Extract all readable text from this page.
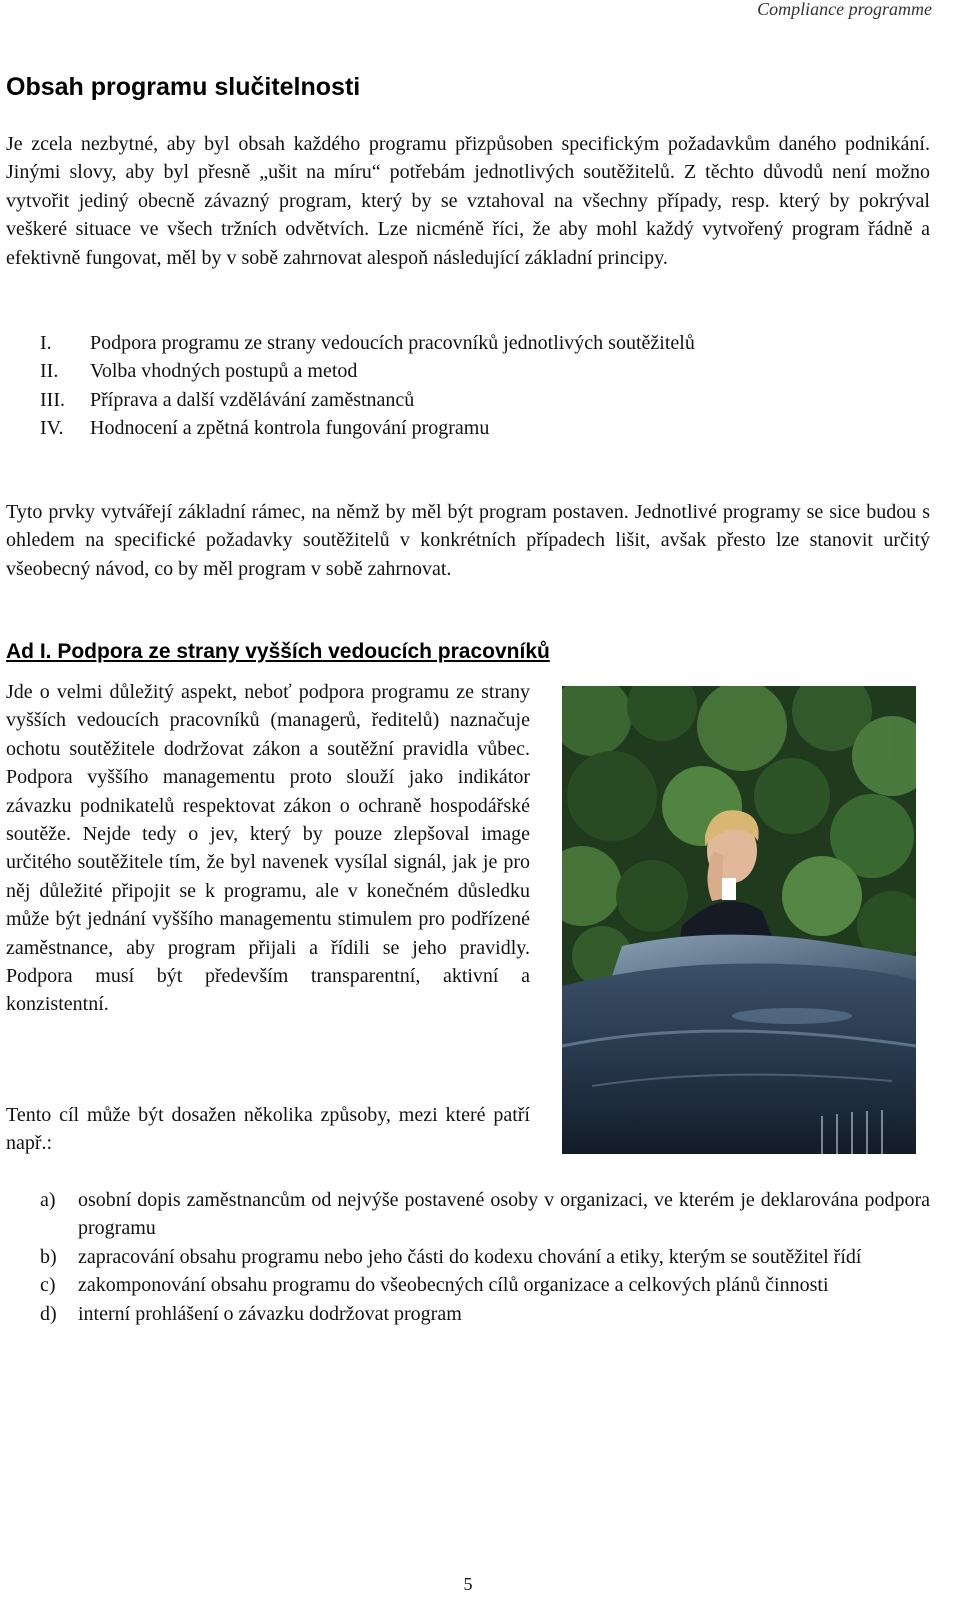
Compliance programme
Obsah programu slučitelnosti

Je zcela nezbytné, aby byl obsah každého programu přizpůsoben specifickým požadavkům daného podnikání. Jinými slovy, aby byl přesně „ušit na míru“ potřebám jednotlivých soutěžitelů. Z těchto důvodů není možno vytvořit jediný obecně závazný program, který by se vztahoval na všechny případy, resp. který by pokrýval veškeré situace ve všech tržních odvětvích. Lze nicméně říci, že aby mohl každý vytvořený program řádně a efektivně fungovat, měl by v sobě zahrnovat alespoň následující základní principy.

I.	Podpora programu ze strany vedoucích pracovníků jednotlivých soutěžitelů
II.	Volba vhodných postupů a metod
III.	Příprava a další vzdělávání zaměstnanců
IV.	Hodnocení a zpětná kontrola fungování programu

Tyto prvky vytvářejí základní rámec, na němž by měl být program postaven. Jednotlivé programy se sice budou s ohledem na specifické požadavky soutěžitelů v konkrétních případech lišit, avšak přesto lze stanovit určitý všeobecný návod, co by měl program v sobě zahrnovat.

Ad I. Podpora ze strany vyšších vedoucích pracovníků

Jde o velmi důležitý aspekt, neboť podpora programu ze strany vyšších vedoucích pracovníků (managerů, ředitelů) naznačuje ochotu soutěžitele dodržovat zákon a soutěžní pravidla vůbec. Podpora vyššího managementu proto slouží jako indikátor závazku podnikatelů respektovat zákon o ochraně hospodářské soutěže. Nejde tedy o jev, který by pouze zlepšoval image určitého soutěžitele tím, že byl navenek vysílal signál, jak je pro něj důležité připojit se k programu, ale v konečném důsledku může být jednání vyššího managementu stimulem pro podřízené zaměstnance, aby program přijali a řídili se jeho pravidly. Podpora musí být především transparentní, aktivní a konzistentní.

Tento cíl může být dosažen několika způsoby, mezi které patří např.:

a)	osobní dopis zaměstnancům od nejvýše postavené osoby v organizaci, ve kterém je deklarována podpora programu
b)	zapracování obsahu programu nebo jeho části do kodexu chování a etiky, kterým se soutěžitel řídí
c)	zakomponování obsahu programu do všeobecných cílů organizace a celkových plánů činnosti
d)	interní prohlášení o závazku dodržovat program
5
